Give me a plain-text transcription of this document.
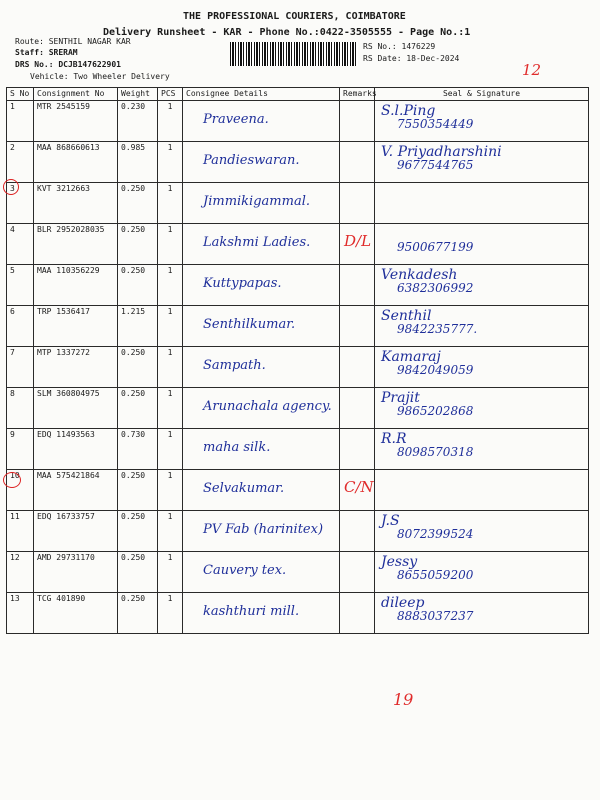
THE PROFESSIONAL COURIERS, COIMBATORE
Delivery Runsheet - KAR - Phone No.:0422-3505555 - Page No.:1
Route: SENTHIL NAGAR KAR
Staff: SRERAM
DRS No.: DCJB147622901
Vehicle: Two Wheeler Delivery
RS No.: 1476229
RS Date: 18-Dec-2024
12
S No	Consignment No	Weight	PCS	Consignee Details	Remarks	Seal & Signature
1	MTR 2545159	0.230	1	Praveena.		S.l.Ping
7550354449

2	MAA 868660613	0.985	1	Pandieswaran.		V. Priyadharshini
9677544765

3	KVT 3212663	0.250	1	Jimmikigammal.		

4	BLR 2952028035	0.250	1	Lakshmi Ladies.	D/L	9500677199

5	MAA 110356229	0.250	1	Kuttypapas.		Venkadesh
6382306992

6	TRP 1536417	1.215	1	Senthilkumar.		Senthil
9842235777.

7	MTP 1337272	0.250	1	Sampath.		Kamaraj
9842049059

8	SLM 360804975	0.250	1	Arunachala agency.		Prajit
9865202868

9	EDQ 11493563	0.730	1	maha silk.		R.R
8098570318

10	MAA 575421864	0.250	1	Selvakumar.	C/N	

11	EDQ 16733757	0.250	1	PV Fab (harinitex)		J.S
8072399524

12	AMD 29731170	0.250	1	Cauvery tex.		Jessy
8655059200

13	TCG 401890	0.250	1	kashthuri mill.		dileep
8883037237
19
